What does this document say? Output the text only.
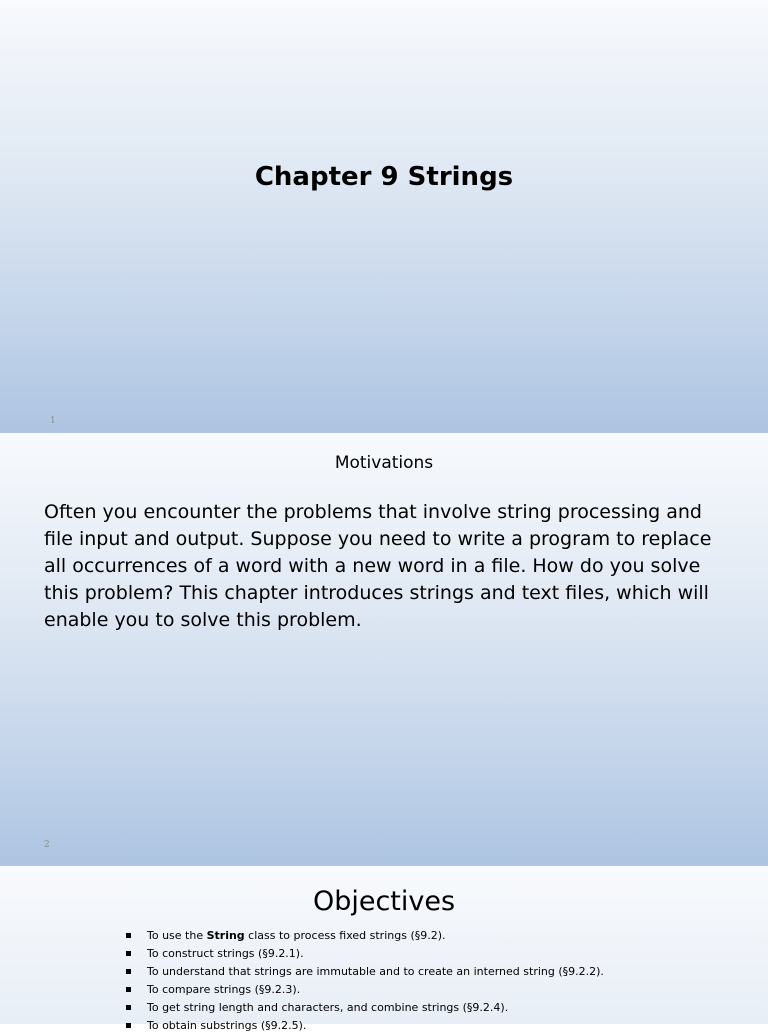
Chapter 9 Strings
1
Motivations
Often you encounter the problems that involve string processing and file input and output. Suppose you need to write a program to replace all occurrences of a word with a new word in a file. How do you solve this problem? This chapter introduces strings and text files, which will enable you to solve this problem.
2
Objectives
To use the String class to process fixed strings (§9.2).
To construct strings (§9.2.1).
To understand that strings are immutable and to create an interned string (§9.2.2).
To compare strings (§9.2.3).
To get string length and characters, and combine strings (§9.2.4).
To obtain substrings (§9.2.5).
